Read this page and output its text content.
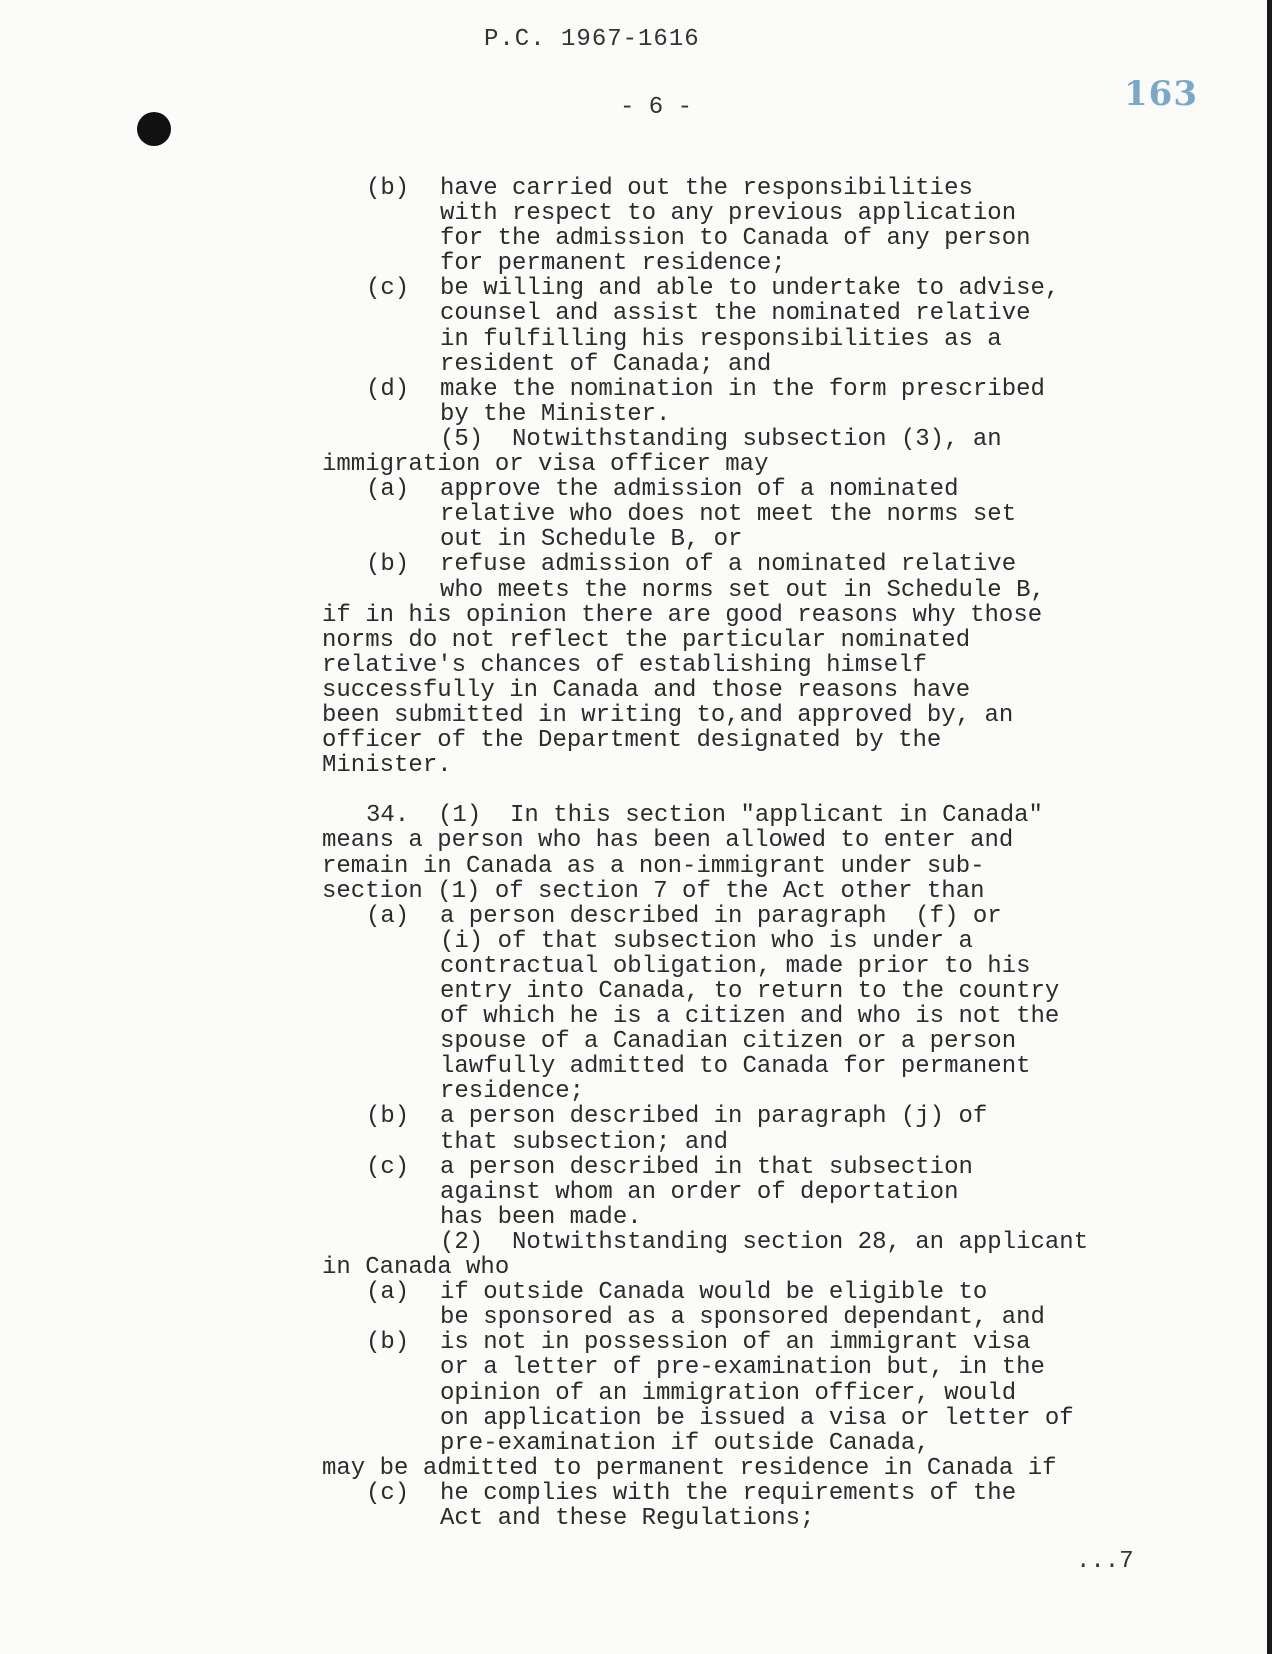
P.C. 1967-1616
- 6 -	163

(b)

have carried out the responsibilities

with respect to any previous application
for the admission to Canada of any person
for permanent residence;

(c)

be willing and able to undertake to advise,

counsel and assist the nominated relative
in fulfilling his responsibilities as a
resident of Canada; and

(d)

make the nomination in the form prescribed

by the Minister.

(5)  Notwithstanding subsection (3), an

immigration or visa officer may

(a)

approve the admission of a nominated

relative who does not meet the norms set
out in Schedule B, or

(b)

refuse admission of a nominated relative

who meets the norms set out in Schedule B,
if in his opinion there are good reasons why those
norms do not reflect the particular nominated
relative's chances of establishing himself
successfully in Canada and those reasons have
been submitted in writing to,and approved by, an
officer of the Department designated by the
Minister.

34.  (1)  In this section "applicant in Canada"

means a person who has been allowed to enter and
remain in Canada as a non-immigrant under sub-
section (1) of section 7 of the Act other than

(a)

a person described in paragraph  (f) or

(i) of that subsection who is under a
contractual obligation, made prior to his
entry into Canada, to return to the country
of which he is a citizen and who is not the
spouse of a Canadian citizen or a person
lawfully admitted to Canada for permanent
residence;

(b)

a person described in paragraph (j) of

that subsection; and

(c)

a person described in that subsection

against whom an order of deportation
has been made.

(2)  Notwithstanding section 28, an applicant

in Canada who

(a)

if outside Canada would be eligible to

be sponsored as a sponsored dependant, and

(b)

is not in possession of an immigrant visa

or a letter of pre-examination but, in the
opinion of an immigration officer, would
on application be issued a visa or letter of
pre-examination if outside Canada,
may be admitted to permanent residence in Canada if

(c)

he complies with the requirements of the

Act and these Regulations;
...7
